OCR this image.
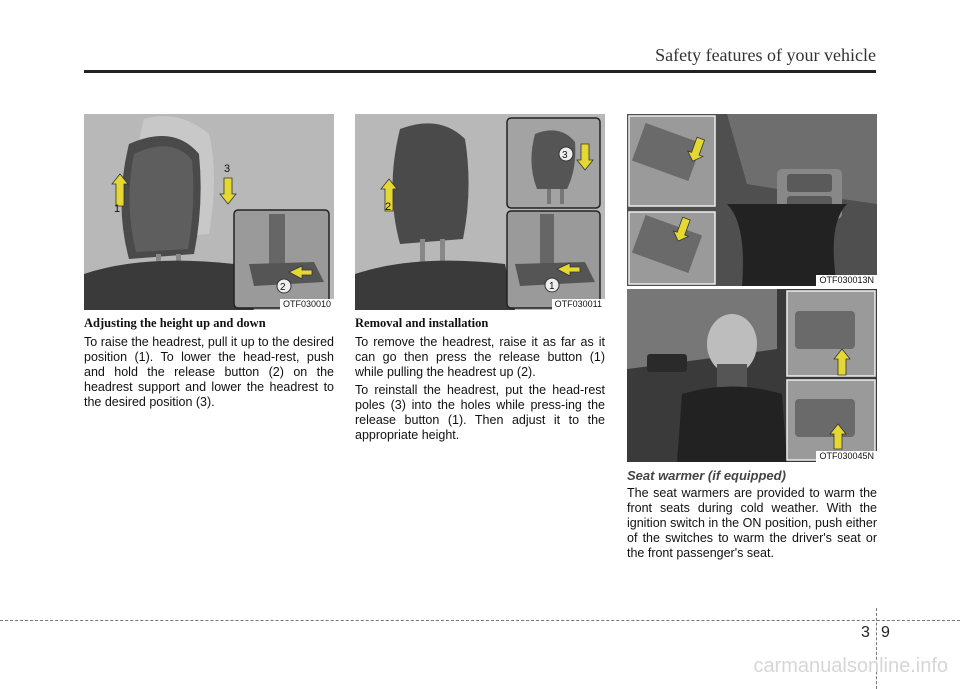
Safety features of your vehicle
1
3
2
OTF030010
2
3
1
OTF030011
OTF030013N
OTF030045N
Adjusting the height up and down

To raise the headrest, pull it up to the desired position (1). To lower the head-rest, push and hold the release button (2) on the headrest support and lower the headrest to the desired position (3).

Removal and installation

To remove the headrest, raise it as far as it can go then press the release button (1) while pulling the headrest up (2).

To reinstall the headrest, put the head-rest poles (3) into the holes while press-ing the release button (1). Then adjust it to the appropriate height.

Seat warmer (if equipped)

The seat warmers are provided to warm the front seats during cold weather. With the ignition switch in the ON position, push either of the switches to warm the driver's seat or the front passenger's seat.

3 9
carmanualsonline.info
